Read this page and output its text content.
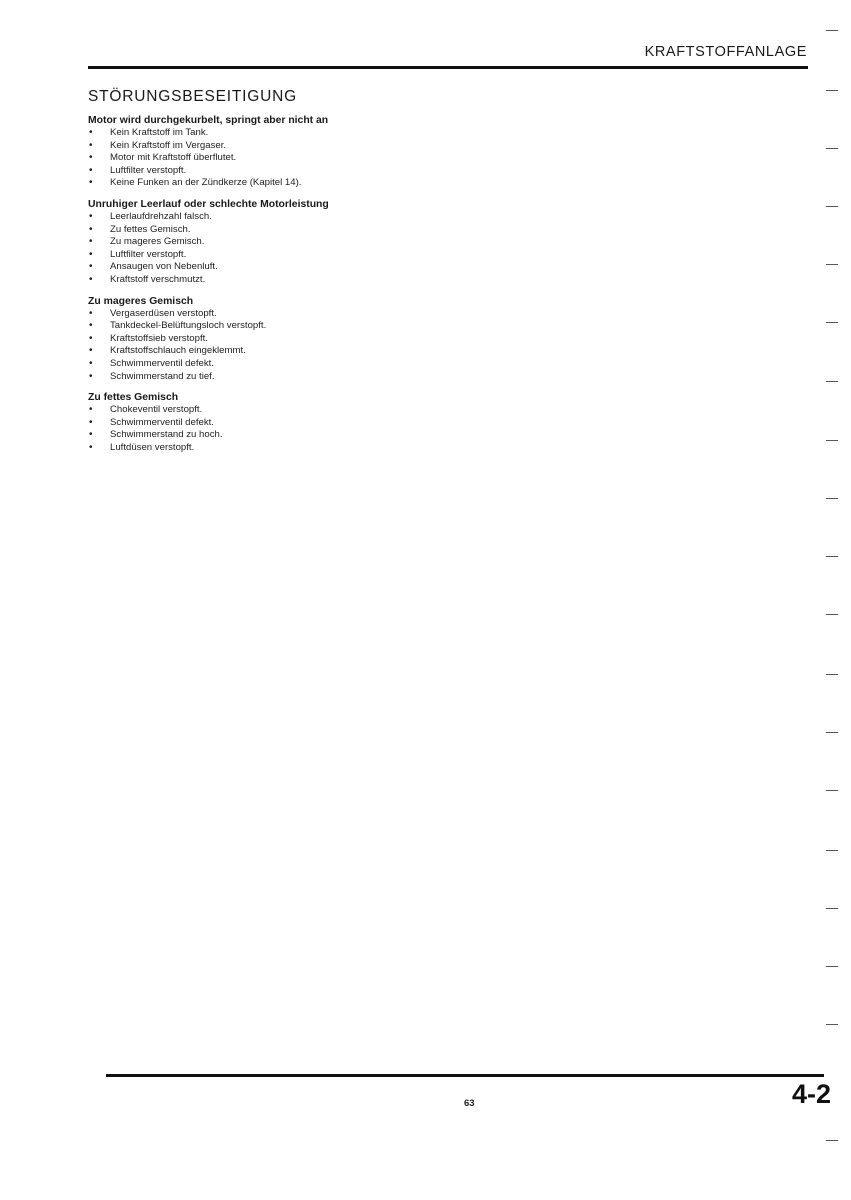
KRAFTSTOFFANLAGE
STÖRUNGSBESEITIGUNG
Motor wird durchgekurbelt, springt aber nicht an
• Kein Kraftstoff im Tank.
• Kein Kraftstoff im Vergaser.
• Motor mit Kraftstoff überflutet.
• Luftfilter verstopft.
• Keine Funken an der Zündkerze (Kapitel 14).
Unruhiger Leerlauf oder schlechte Motorleistung
• Leerlaufdrehzahl falsch.
• Zu fettes Gemisch.
• Zu mageres Gemisch.
• Luftfilter verstopft.
• Ansaugen von Nebenluft.
• Kraftstoff verschmutzt.
Zu mageres Gemisch
• Vergaserdüsen verstopft.
• Tankdeckel-Belüftungsloch verstopft.
• Kraftstoffsieb verstopft.
• Kraftstoffschlauch eingeklemmt.
• Schwimmerventil defekt.
• Schwimmerstand zu tief.
Zu fettes Gemisch
• Chokeventil verstopft.
• Schwimmerventil defekt.
• Schwimmerstand zu hoch.
• Luftdüsen verstopft.
63	4-2
